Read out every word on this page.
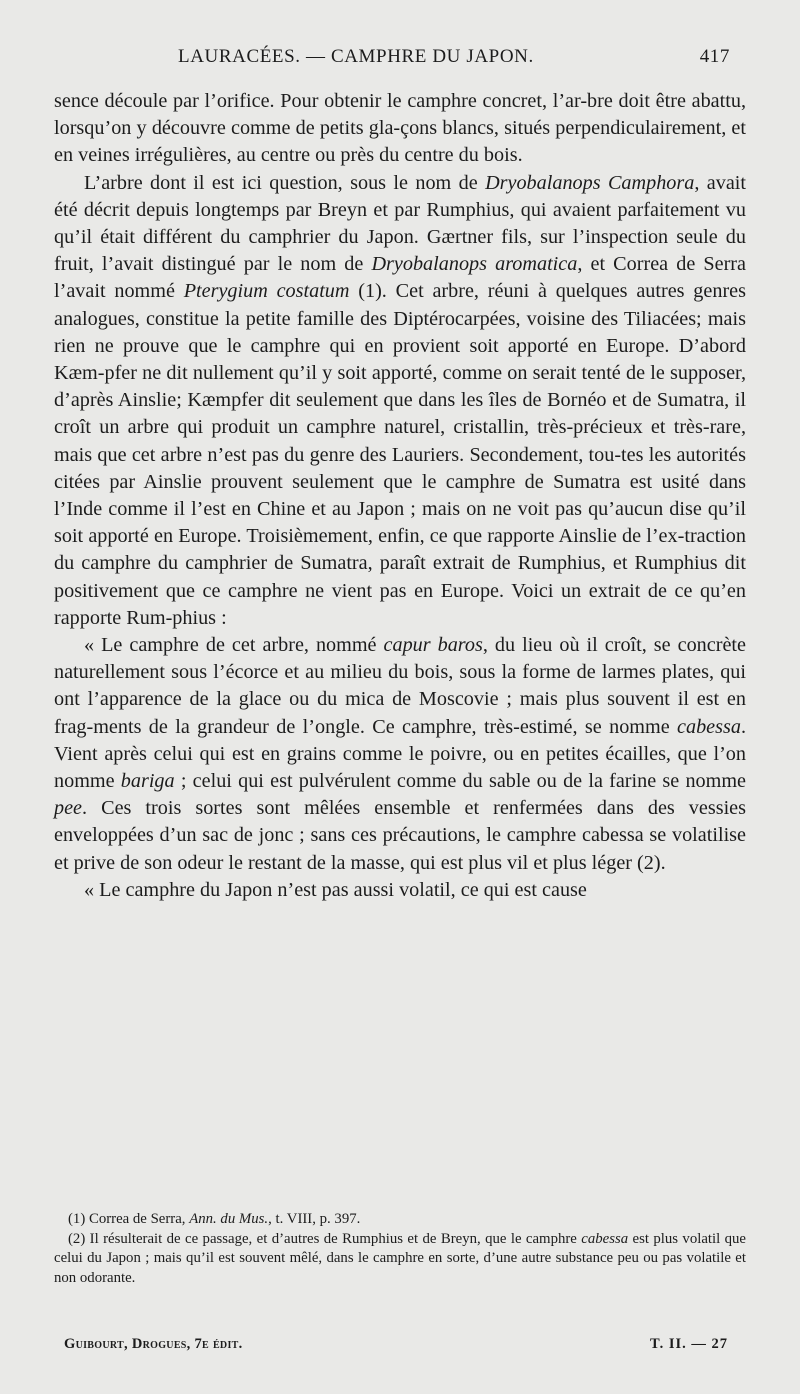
LAURACÉES. — CAMPHRE DU JAPON.	417

sence découle par l’orifice. Pour obtenir le camphre concret, l’ar-bre doit être abattu, lorsqu’on y découvre comme de petits gla-çons blancs, situés perpendiculairement, et en veines irrégulières, au centre ou près du centre du bois.

L’arbre dont il est ici question, sous le nom de Dryobalanops Camphora, avait été décrit depuis longtemps par Breyn et par Rumphius, qui avaient parfaitement vu qu’il était différent du camphrier du Japon. Gærtner fils, sur l’inspection seule du fruit, l’avait distingué par le nom de Dryobalanops aromatica, et Correa de Serra l’avait nommé Pterygium costatum (1). Cet arbre, réuni à quelques autres genres analogues, constitue la petite famille des Diptérocarpées, voisine des Tiliacées; mais rien ne prouve que le camphre qui en provient soit apporté en Europe. D’abord Kæm-pfer ne dit nullement qu’il y soit apporté, comme on serait tenté de le supposer, d’après Ainslie; Kæmpfer dit seulement que dans les îles de Bornéo et de Sumatra, il croît un arbre qui produit un camphre naturel, cristallin, très-précieux et très-rare, mais que cet arbre n’est pas du genre des Lauriers. Secondement, tou-tes les autorités citées par Ainslie prouvent seulement que le camphre de Sumatra est usité dans l’Inde comme il l’est en Chine et au Japon ; mais on ne voit pas qu’aucun dise qu’il soit apporté en Europe. Troisièmement, enfin, ce que rapporte Ainslie de l’ex-traction du camphre du camphrier de Sumatra, paraît extrait de Rumphius, et Rumphius dit positivement que ce camphre ne vient pas en Europe. Voici un extrait de ce qu’en rapporte Rum-phius :

« Le camphre de cet arbre, nommé capur baros, du lieu où il croît, se concrète naturellement sous l’écorce et au milieu du bois, sous la forme de larmes plates, qui ont l’apparence de la glace ou du mica de Moscovie ; mais plus souvent il est en frag-ments de la grandeur de l’ongle. Ce camphre, très-estimé, se nomme cabessa. Vient après celui qui est en grains comme le poivre, ou en petites écailles, que l’on nomme bariga ; celui qui est pulvérulent comme du sable ou de la farine se nomme pee. Ces trois sortes sont mêlées ensemble et renfermées dans des vessies enveloppées d’un sac de jonc ; sans ces précautions, le camphre cabessa se volatilise et prive de son odeur le restant de la masse, qui est plus vil et plus léger (2).

« Le camphre du Japon n’est pas aussi volatil, ce qui est cause

(1) Correa de Serra, Ann. du Mus., t. VIII, p. 397.

(2) Il résulterait de ce passage, et d’autres de Rumphius et de Breyn, que le camphre cabessa est plus volatil que celui du Japon ; mais qu’il est souvent mêlé, dans le camphre en sorte, d’une autre substance peu ou pas volatile et non odorante.

Guibourt, Drogues, 7e édit.	T. II. — 27
